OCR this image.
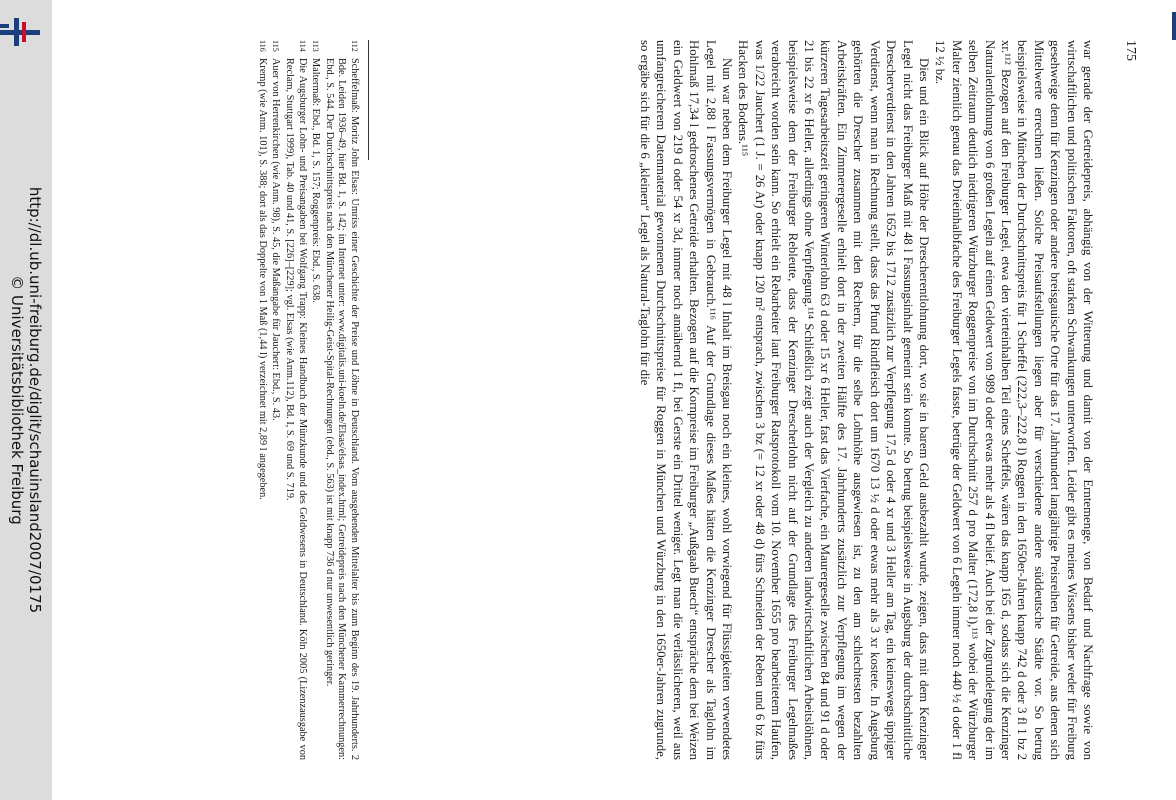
http://dl.ub.uni-freiburg.de/diglit/schauinsland2007/0175
© Universitätsbibliothek Freiburg
175

war gerade der Getreidepreis, abhängig von der Witterung und damit von der Erntemenge, von Bedarf und Nachfrage sowie von wirtschaftlichen und politischen Faktoren, oft starken Schwankungen unterworfen. Leider gibt es meines Wissens bisher weder für Freiburg gesehweige denn für Kenzingen oder andere breisgauische Orte für das 17. Jahrhundert langjährige Preisreihen für Getreide, aus denen sich Mittelwerte errechnen ließen. Solche Preisaufstellungen liegen aber für verschiedene andere süddeutsche Städte vor. So betrug beispielsweise in München der Durchschnittspreis für 1 Scheffel (222,3–222,8 l) Roggen in den 1650er-Jahren knapp 742 d oder 3 fl 1 bz 2 xr.¹¹² Bezogen auf den Freiburger Legel, etwa den vierteinhalben Teil eines Scheffels, wären das knapp 165 d, sodass sich die Kenzinger Naturalentlohnung von 6 großen Legeln auf einen Geldwert von 989 d oder etwas mehr als 4 fl belief. Auch bei der Zugrundelegung der im selben Zeitraum deutlich niedrigeren Würzburger Roggenpreise von im Durchschnitt 257 d pro Malter (172,8 l),¹¹³ wobei der Würzburger Malter ziemlich genau das Dreieinhalbfache des Freiburger Legels fasste, betrüge der Geldwert von 6 Legeln immer noch 440 ½ d oder 1 fl 12 ½ bz.

Dies und ein Blick auf Höhe der Drescherentlohnung dort, wo sie in barem Geld ausbezahlt wurde, zeigen, dass mit dem Kenzinger Legel nicht das Freiburger Maß mit 48 l Fassungsinhalt gemeint sein konnte. So betrug beispielsweise in Augsburg der durchschnittliche Drescherverdienst in den Jahren 1652 bis 1712 zusätzlich zur Verpflegung 17,5 d oder 4 xr und 3 Heller am Tag, ein keineswegs üppiger Verdienst, wenn man in Rechnung stellt, dass das Pfund Rindfleisch dort um 1670 13 ½ d oder etwas mehr als 3 xr kostete. In Augsburg gehörten die Drescher zusammen mit den Rechern, für die selbe Lohnhöhe ausgewiesen ist, zu den am schlechtesten bezahlten Arbeitskräften. Ein Zimmerergeselle erhielt dort in der zweiten Hälfte des 17. Jahrhunderts zusätzlich zur Verpflegung im wegen der kürzeren Tagesarbeitszeit geringeren Winterlohn 63 d oder 15 xr 6 Heller, fast das Vierfache, ein Maurergeselle zwischen 84 und 91 d oder 21 bis 22 xr 6 Heller, allerdings ohne Verpflegung.¹¹⁴ Schließlich zeigt auch der Vergleich zu anderen landwirtschaftlichen Arbeitslöhnen, beispielsweise dem der Freiburger Rebleute, dass der Kenzinger Drescherlohn nicht auf der Grundlage des Freiburger Legelmaßes verabreicht worden sein kann. So erhielt ein Rebarbeiter laut Freiburger Ratsprotokoll vom 10. November 1655 pro bearbeitetem Haufen, was 1/22 Jauchert (1 J. = 26 Ar) oder knapp 120 m² entsprach, zwischen 3 bz (= 12 xr oder 48 d) fürs Schneiden der Reben und 6 bz fürs Hacken des Bodens.¹¹⁵

Nun war neben dem Freiburger Legel mit 48 l Inhalt im Breisgau noch ein kleines, wohl vorwiegend für Flüssigkeiten verwendetes Legel mit 2,88 l Fassungsvermögen in Gebrauch.¹¹⁶ Auf der Grundlage dieses Maßes hätten die Kenzinger Drescher als Taglohn im Hohlmaß 17,34 l gedroschenes Getreide erhalten. Bezogen auf die Kornpreise im Freiburger „Außgaab Buech“ entspräche dem bei Weizen ein Geldwert von 219 d oder 54 xr 3d, immer noch annähernd 1 fl, bei Gerste ein Drittel weniger. Legt man die verlässlicheren, weil aus umfangreicherem Datenmaterial gewonnenen Durchschnittspreise für Roggen in München und Würzburg in den 1650er-Jahren zugrunde, so ergäbe sich für die 6 „kleinen“ Legel als Natural-Taglohn für die

112
Scheffelmaß: Moritz John Elsas: Umriss einer Geschichte der Preise und Löhne in Deutschland. Vom ausgehenden Mittelalter bis zum Beginn des 19. Jahrhunderts. 2 Bde. Leiden 1936–49, hier Bd. 1, S. 142; im Internet unter: www.digitalis.uni-koeln.de/Elsas/elsas_index.html; Getreidepreis nach den Münchener Kammerrechnungen: Ebd., S. 544. Der Durchschnittspreis nach den Münchener Heilig-Geist-Spital-Rechnungen (ebd., S. 563) ist mit knapp 736 d nur unwesentlich geringer.
113
Maltermaß: Ebd., Bd. 1, S. 157; Roggenpreis: Ebd., S. 638.
114
Die Augsburger Lohn- und Preisangaben bei Wolfgang Trapp: Kleines Handbuch der Münzkunde und des Geldwesens in Deutschland. Köln 2005 (Lizenzausgabe von Reclam, Stuttgart 1999), Tab. 40 und 41, S. [226]–[229]; vgl. Elsas (wie Anm.112), Bd. I, S. 69 und S. 719.
115
Auer von Herrenkirchen (wie Anm. 98), S. 45, die Maßangabe für Jauchert: Ebd., S. 43.
116
Kremp (wie Anm. 101), S. 388; dort als das Doppelte von 1 Maß (1,44 l) verzeichnet mit 2,89 l angegeben.
